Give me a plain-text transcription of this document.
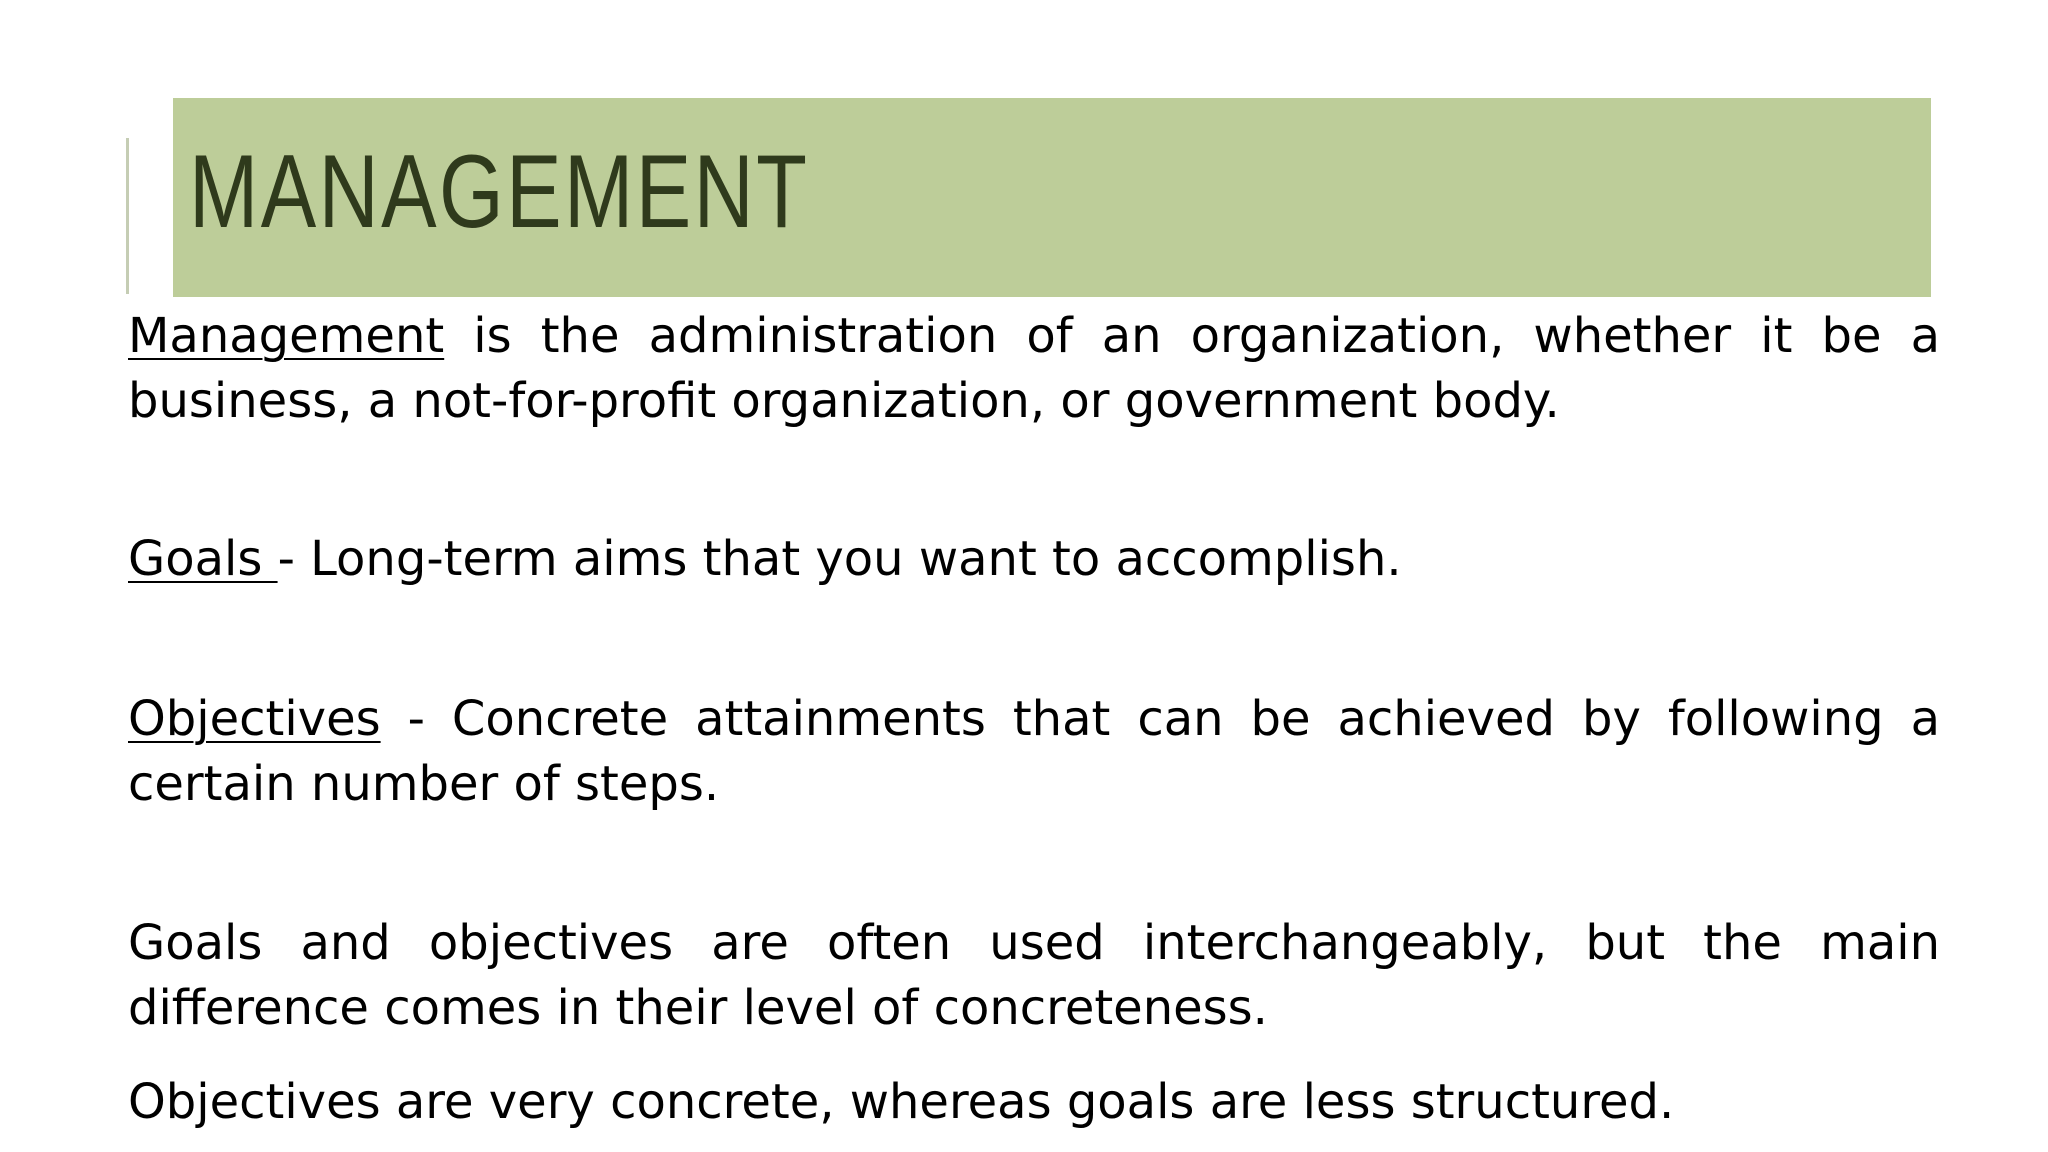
MANAGEMENT

Management is the administration of an organization, whether it be a business, a not-for-profit organization, or government body.

Goals - Long-term aims that you want to accomplish.

Objectives - Concrete attainments that can be achieved by following a certain number of steps.

Goals and objectives are often used interchangeably, but the main difference comes in their level of concreteness.

Objectives are very concrete, whereas goals are less structured.
